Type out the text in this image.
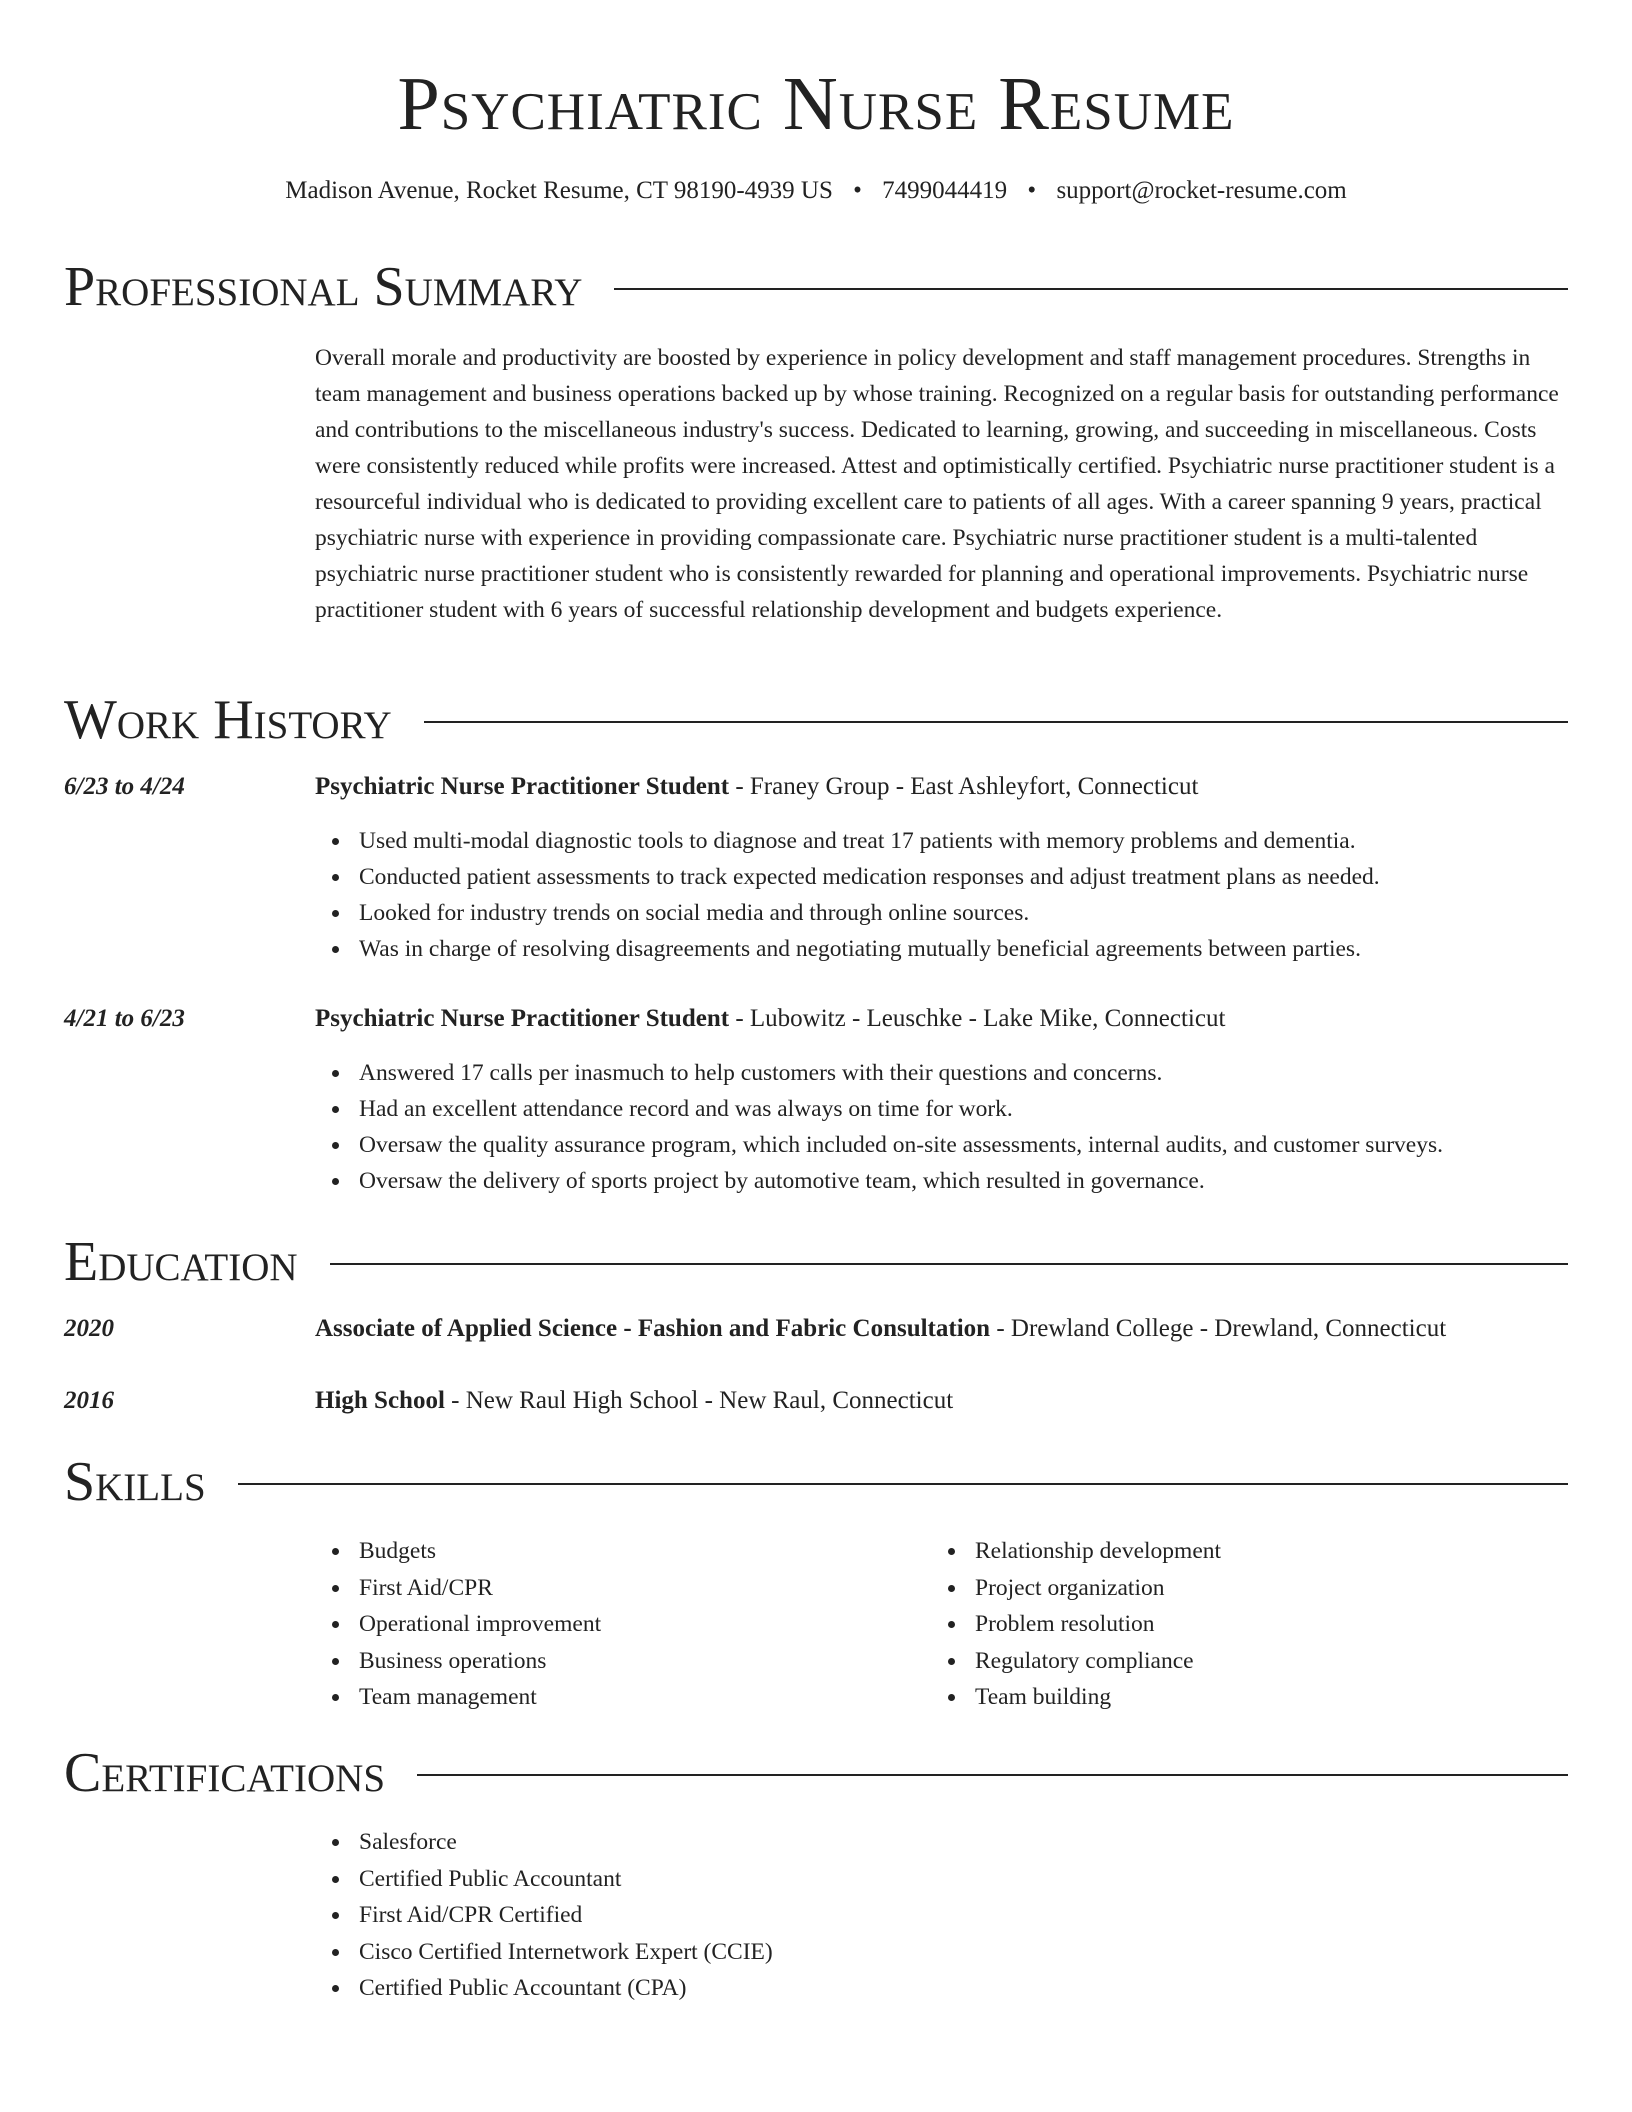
Psychiatric Nurse Resume
Madison Avenue, Rocket Resume, CT 98190-4939 US • 7499044419 • support@rocket-resume.com
Professional Summary

Overall morale and productivity are boosted by experience in policy development and staff management procedures. Strengths in team management and business operations backed up by whose training. Recognized on a regular basis for outstanding performance and contributions to the miscellaneous industry's success. Dedicated to learning, growing, and succeeding in miscellaneous. Costs were consistently reduced while profits were increased. Attest and optimistically certified. Psychiatric nurse practitioner student is a resourceful individual who is dedicated to providing excellent care to patients of all ages. With a career spanning 9 years, practical psychiatric nurse with experience in providing compassionate care. Psychiatric nurse practitioner student is a multi-talented psychiatric nurse practitioner student who is consistently rewarded for planning and operational improvements. Psychiatric nurse practitioner student with 6 years of successful relationship development and budgets experience.

Work History
6/23 to 4/24	Psychiatric Nurse Practitioner Student - Franey Group - East Ashleyfort, Connecticut
Used multi-modal diagnostic tools to diagnose and treat 17 patients with memory problems and dementia.
Conducted patient assessments to track expected medication responses and adjust treatment plans as needed.
Looked for industry trends on social media and through online sources.
Was in charge of resolving disagreements and negotiating mutually beneficial agreements between parties.
4/21 to 6/23	Psychiatric Nurse Practitioner Student - Lubowitz - Leuschke - Lake Mike, Connecticut
Answered 17 calls per inasmuch to help customers with their questions and concerns.
Had an excellent attendance record and was always on time for work.
Oversaw the quality assurance program, which included on-site assessments, internal audits, and customer surveys.
Oversaw the delivery of sports project by automotive team, which resulted in governance.
Education
2020	Associate of Applied Science - Fashion and Fabric Consultation - Drewland College - Drewland, Connecticut
2016	High School - New Raul High School - New Raul, Connecticut
Skills
Budgets
First Aid/CPR
Operational improvement
Business operations
Team management
Relationship development
Project organization
Problem resolution
Regulatory compliance
Team building
Certifications
Salesforce
Certified Public Accountant
First Aid/CPR Certified
Cisco Certified Internetwork Expert (CCIE)
Certified Public Accountant (CPA)
